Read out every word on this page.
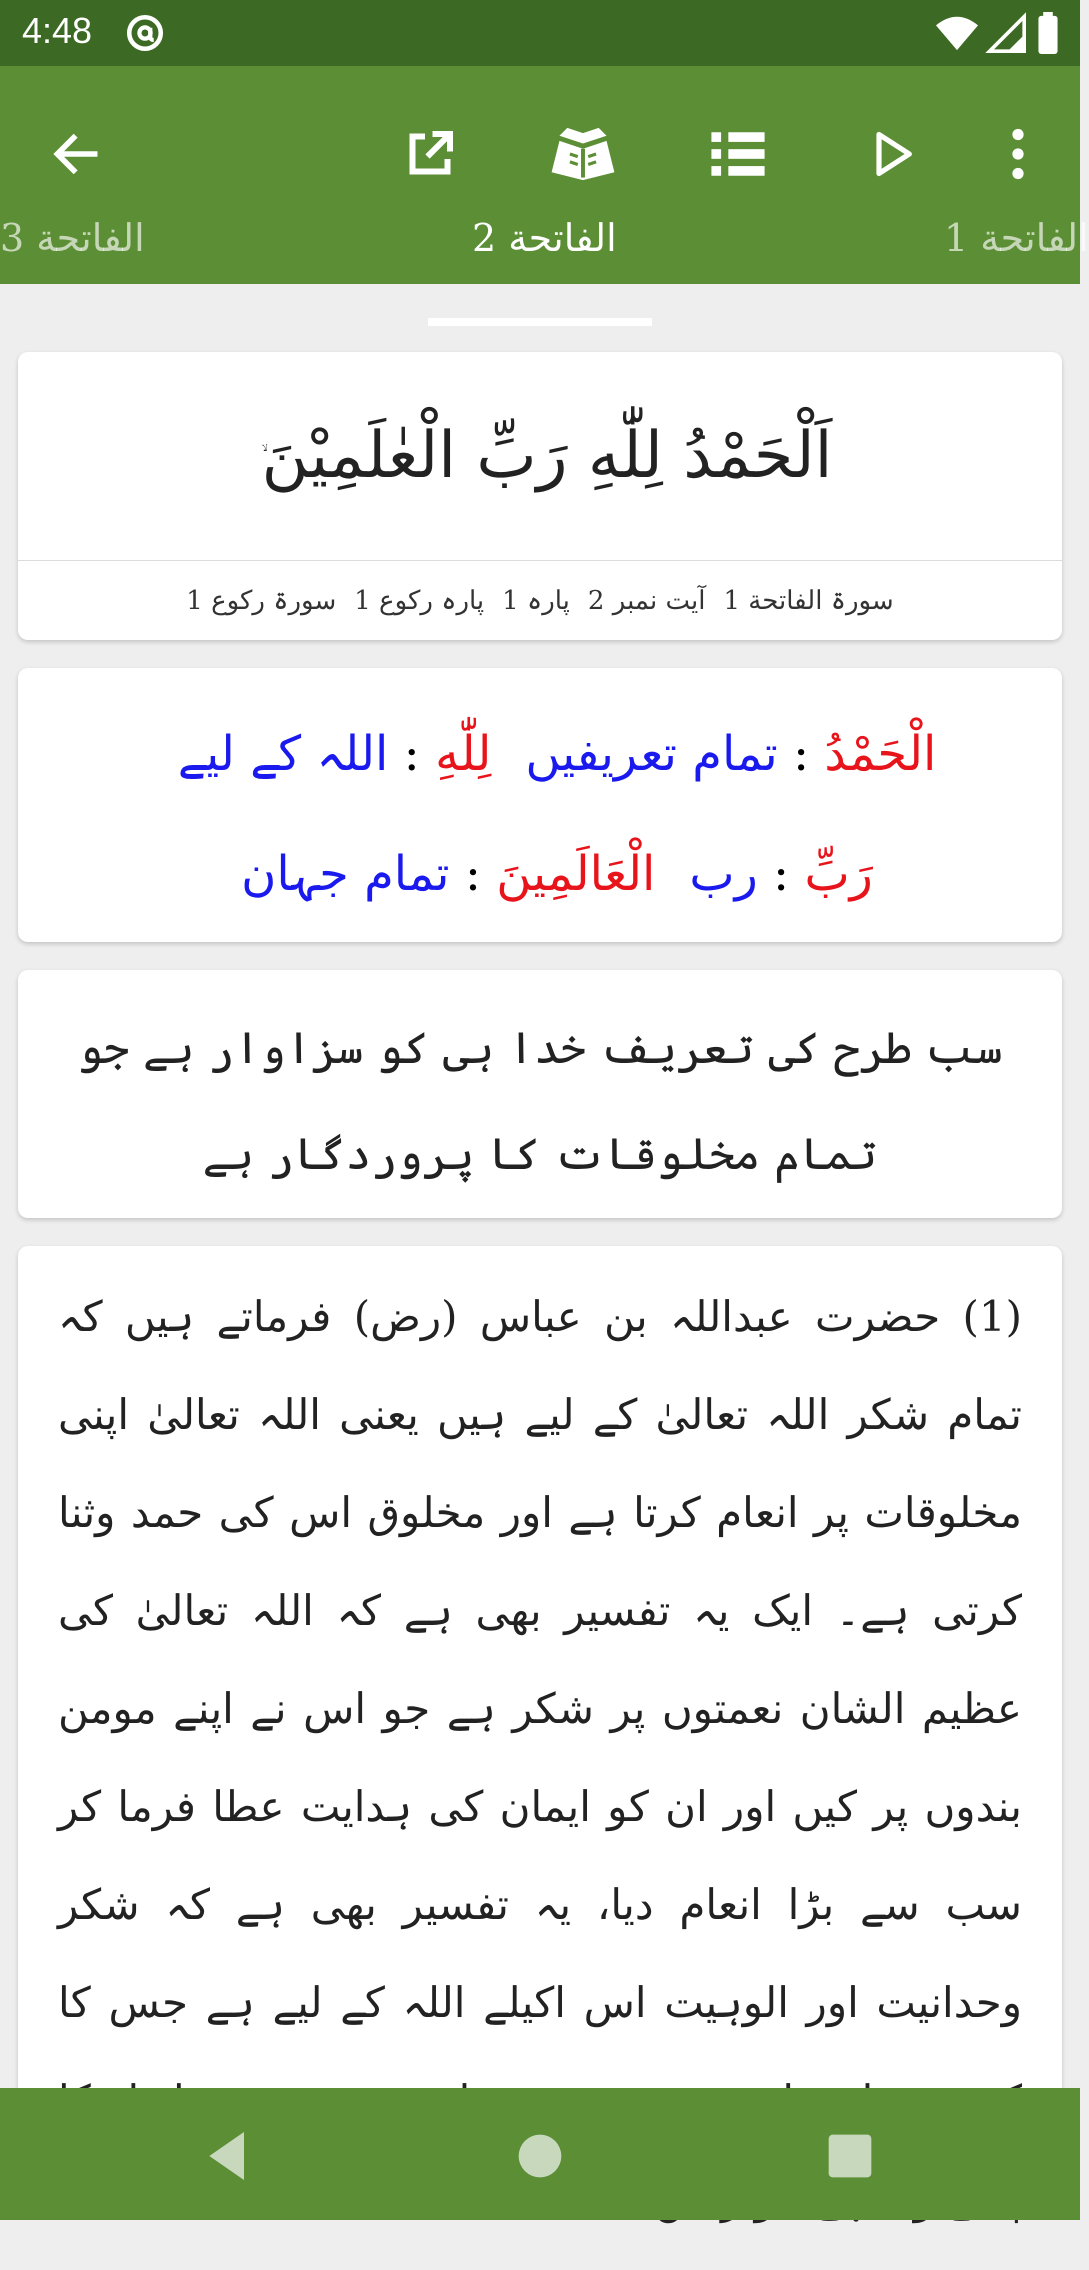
4:48
الفاتحة 3	الفاتحة 2	الفاتحة 1
اَلْحَمْدُ لِلّٰهِ رَبِّ الْعٰلَمِیْنَ
سورۃ الفاتحة 1
آیت نمبر 2
پارہ 1
پارہ رکوع 1
سورۃ رکوع 1
الْحَمْدُ : تمام تعریفیںلِلّٰهِ : اللہ کے لیےرَبِّ : ربالْعَالَمِينَ : تمام جہان
سب طرح کی تعریف خدا ہی کو سزاوار ہے جو تمام مخلوقات کا پروردگار ہے
(1) حضرت عبداللہ بن عباس (رض) فرماتے ہیں کہ تمام شکر اللہ تعالیٰ کے لیے ہیں یعنی اللہ تعالیٰ اپنی مخلوقات پر انعام کرتا ہے اور مخلوق اس کی حمد وثنا کرتی ہے۔ ایک یہ تفسیر بھی ہے کہ اللہ تعالیٰ کی عظیم الشان نعمتوں پر شکر ہے جو اس نے اپنے مومن بندوں پر کیں اور ان کو ایمان کی ہدایت عطا فرما کر سب سے بڑا انعام دیا، یہ تفسیر بھی ہے کہ شکر وحدانیت اور الوہیت اس اکیلے اللہ کے لیے ہے جس کا
